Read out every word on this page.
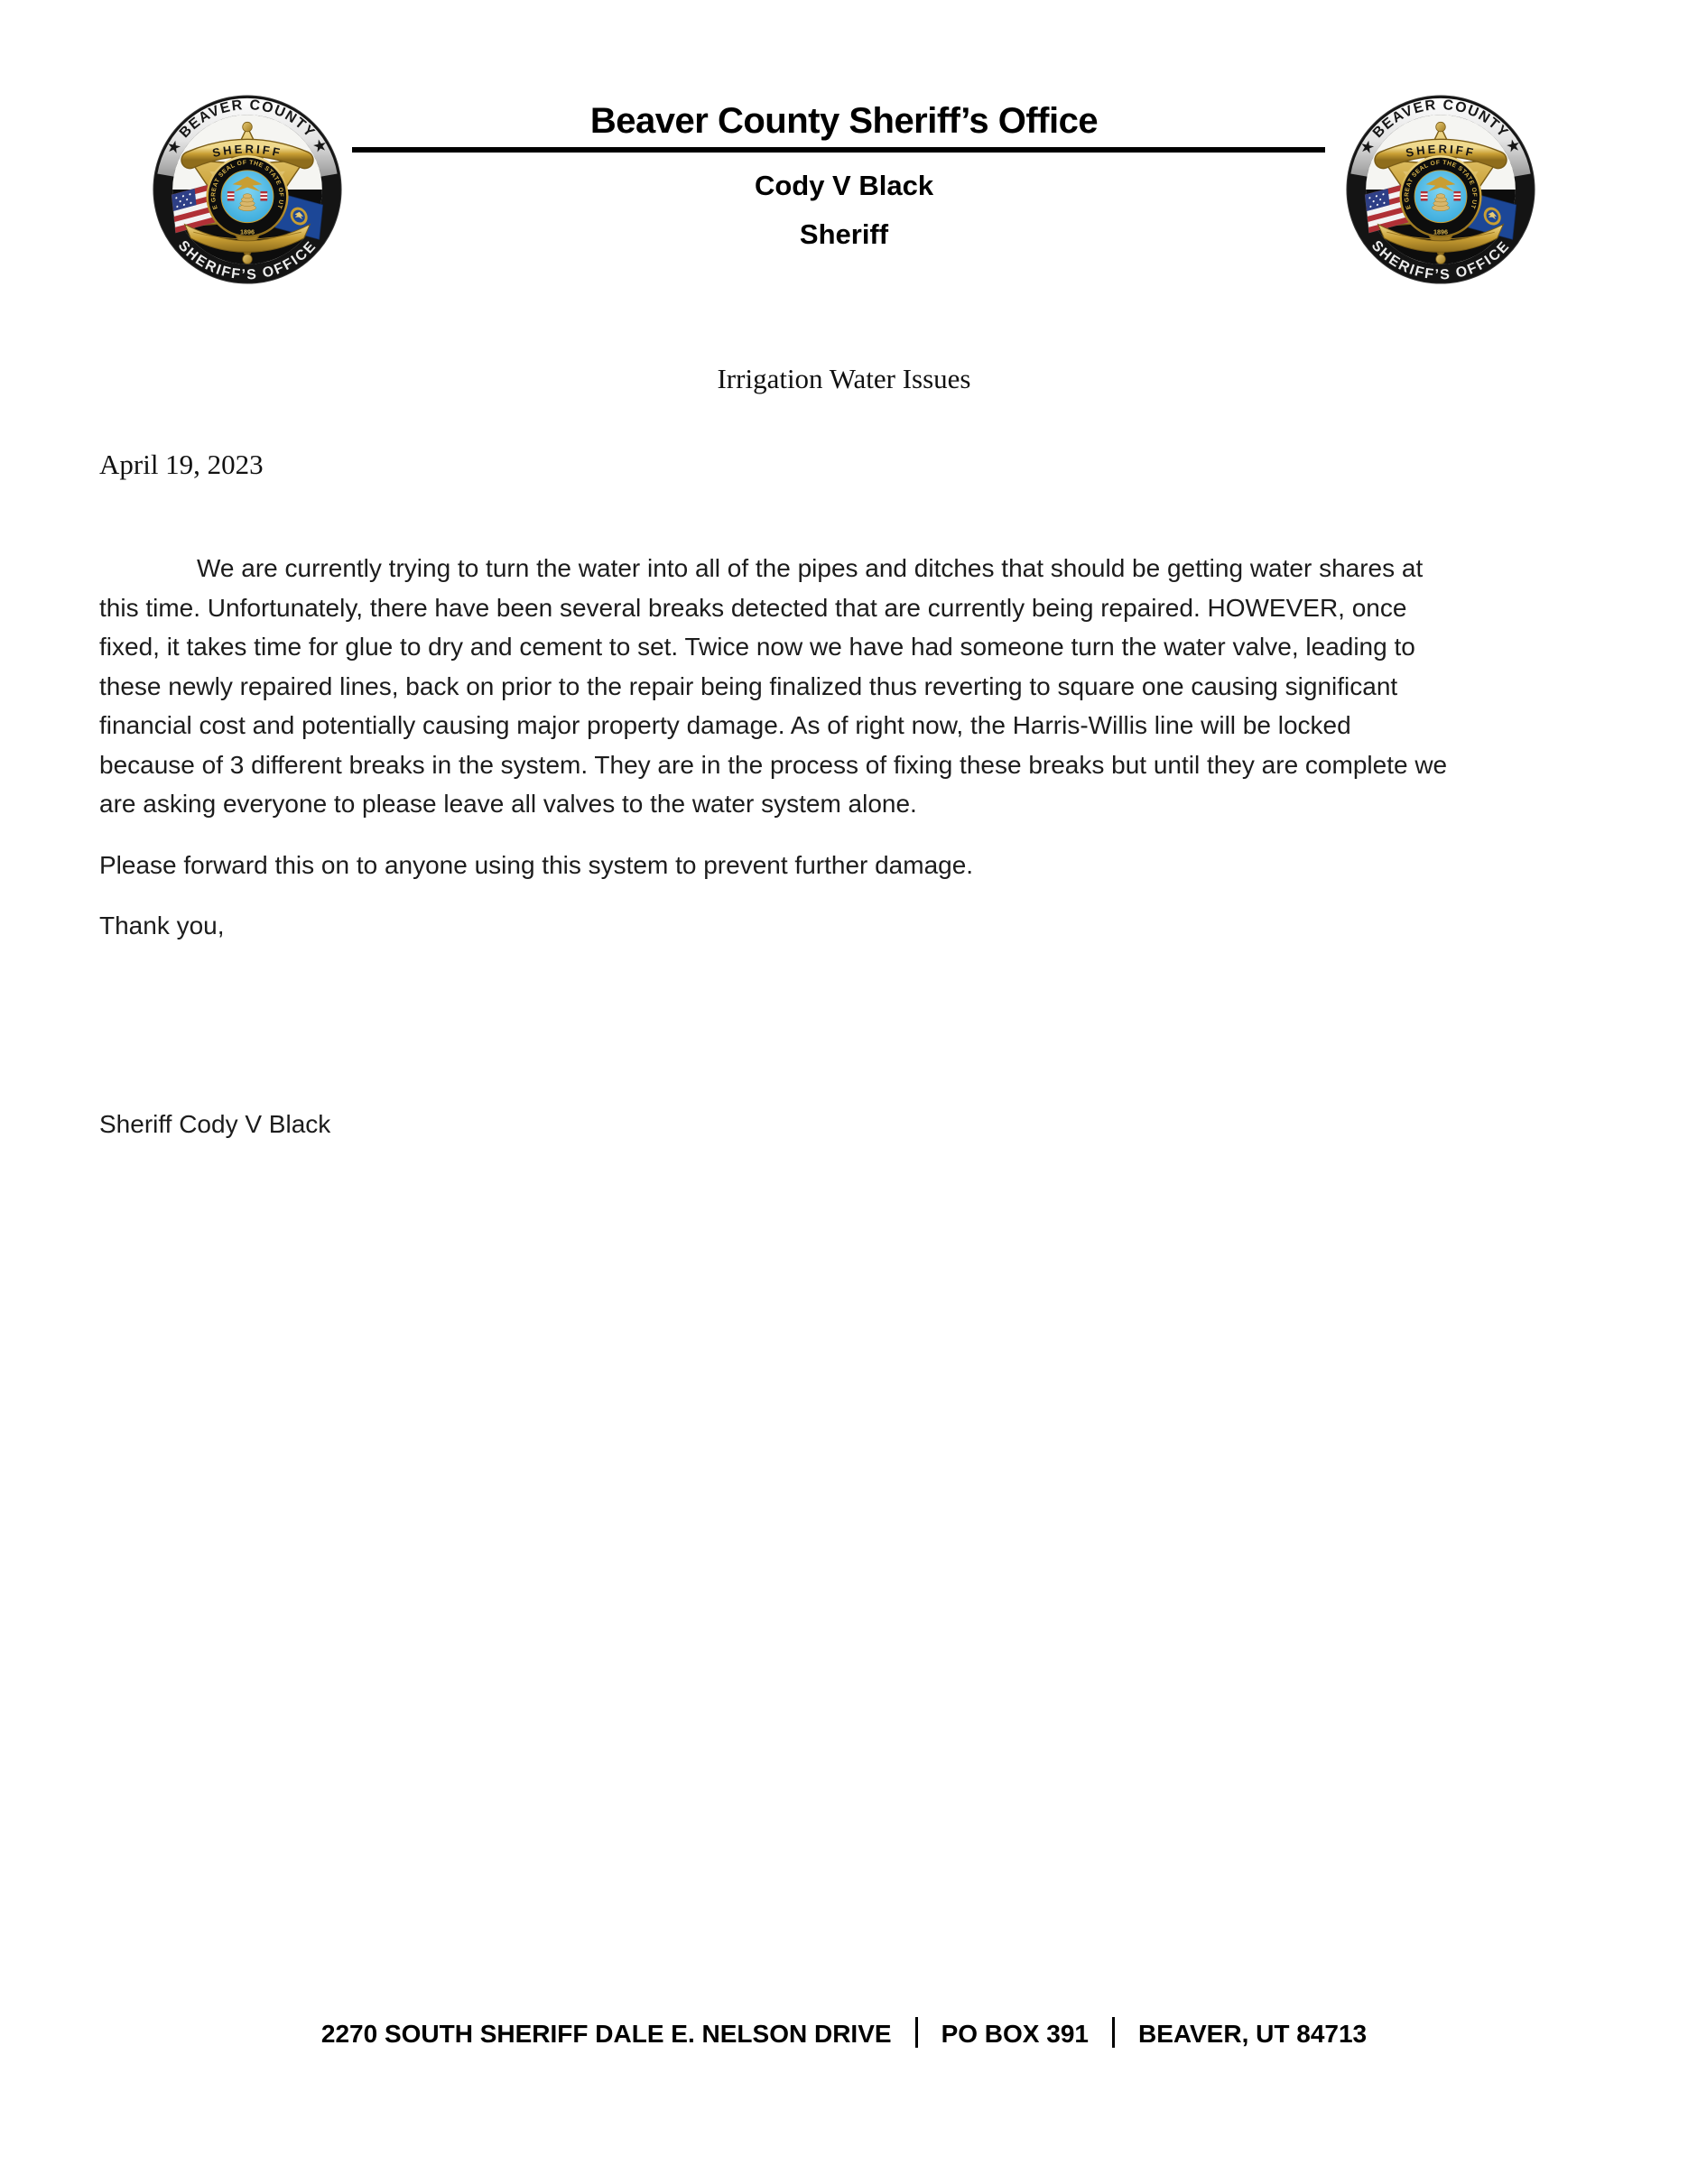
Beaver County Sheriff’s Office
Cody V Black
Sheriff
Irrigation Water Issues
April 19, 2023
We are currently trying to turn the water into all of the pipes and ditches that should be getting water shares at
this time. Unfortunately, there have been several breaks detected that are currently being repaired. HOWEVER, once
fixed, it takes time for glue to dry and cement to set. Twice now we have had someone turn the water valve, leading to
these newly repaired lines, back on prior to the repair being finalized thus reverting to square one causing significant
financial cost and potentially causing major property damage. As of right now, the Harris-Willis line will be locked
because of 3 different breaks in the system. They are in the process of fixing these breaks but until they are complete we
are asking everyone to please leave all valves to the water system alone.
Please forward this on to anyone using this system to prevent further damage.
Thank you,
Sheriff Cody V Black
2270 SOUTH SHERIFF DALE E. NELSON DRIVE PO BOX 391 BEAVER, UT 84713
